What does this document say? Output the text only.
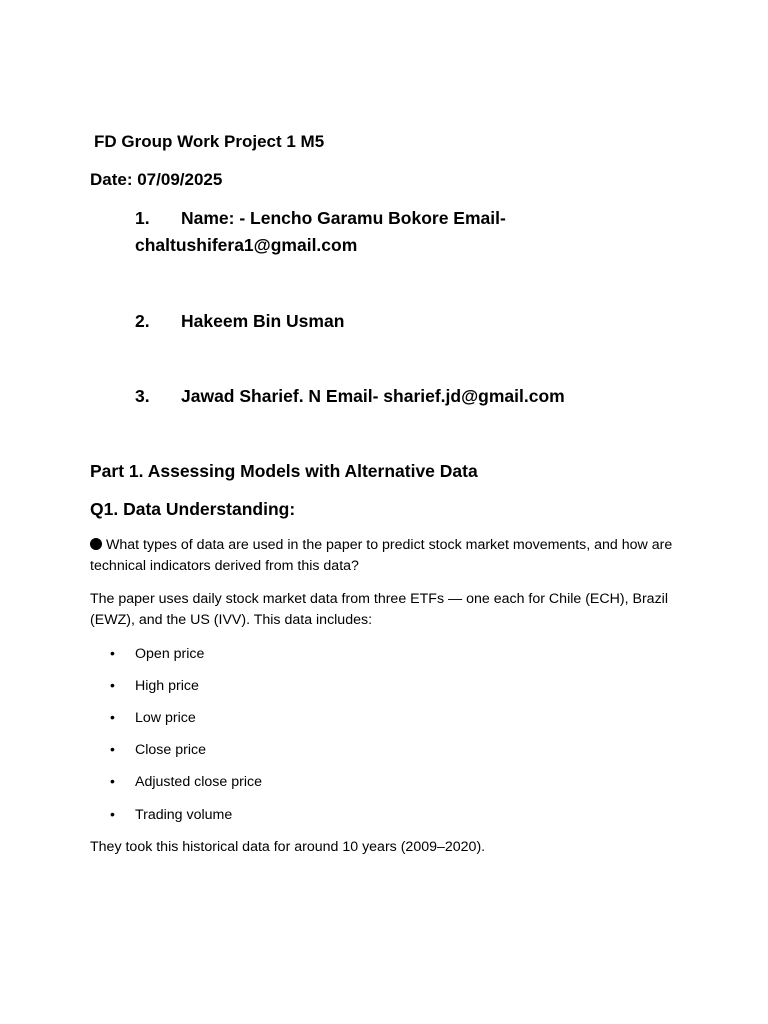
FD Group Work Project 1 M5
Date: 07/09/2025
1. Name: - Lencho Garamu Bokore Email-
chaltushifera1@gmail.com
2. Hakeem Bin Usman
3. Jawad Sharief. N Email- sharief.jd@gmail.com
Part 1. Assessing Models with Alternative Data
Q1. Data Understanding:
What types of data are used in the paper to predict stock market movements, and how are technical indicators derived from this data?
The paper uses daily stock market data from three ETFs — one each for Chile (ECH), Brazil (EWZ), and the US (IVV). This data includes:
• Open price
• High price
• Low price
• Close price
• Adjusted close price
• Trading volume
They took this historical data for around 10 years (2009–2020).
